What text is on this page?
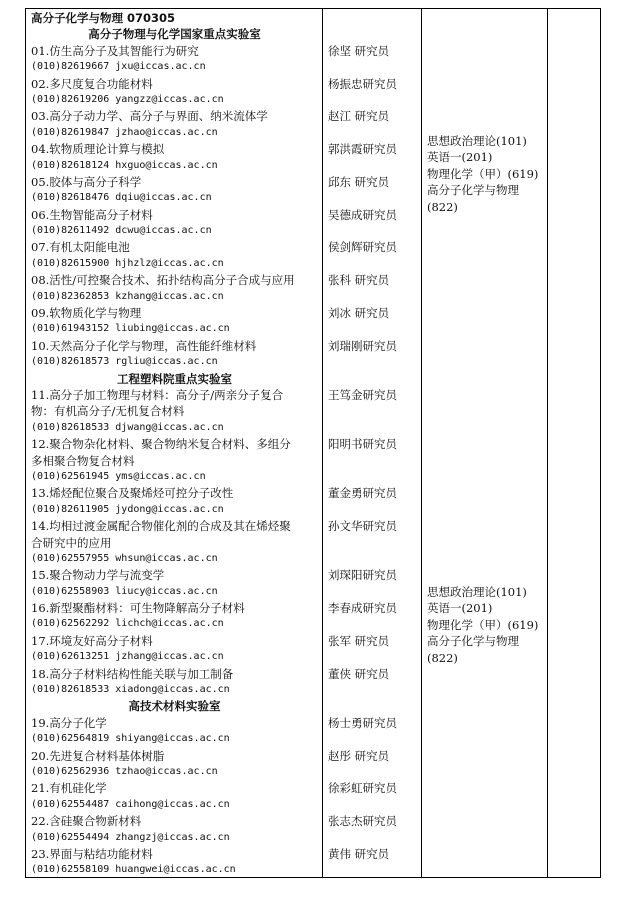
高分子化学与物理 070305
高分子物理与化学国家重点实验室
01.仿生高分子及其智能行为研究
(010)82619667 jxu@iccas.ac.cn
徐坚 研究员
02.多尺度复合功能材料
(010)82619206 yangzz@iccas.ac.cn
杨振忠研究员
03.高分子动力学、高分子与界面、纳米流体学
(010)82619847 jzhao@iccas.ac.cn
赵江 研究员
04.软物质理论计算与模拟
(010)82618124 hxguo@iccas.ac.cn
郭洪霞研究员
05.胶体与高分子科学
(010)82618476 dqiu@iccas.ac.cn
邱东 研究员
06.生物智能高分子材料
(010)82611492 dcwu@iccas.ac.cn
吴德成研究员
07.有机太阳能电池
(010)82615900 hjhzlz@iccas.ac.cn
侯剑辉研究员
08.活性/可控聚合技术、拓扑结构高分子合成与应用
(010)82362853 kzhang@iccas.ac.cn
张科 研究员
09.软物质化学与物理
(010)61943152 liubing@iccas.ac.cn
刘冰 研究员
10.天然高分子化学与物理，高性能纤维材料
(010)82618573 rgliu@iccas.ac.cn
刘瑞刚研究员
工程塑料院重点实验室
11.高分子加工物理与材料：高分子/两亲分子复合
物：有机高分子/无机复合材料
(010)82618533 djwang@iccas.ac.cn
王笃金研究员
12.聚合物杂化材料、聚合物纳米复合材料、多组分
多相聚合物复合材料
(010)62561945 yms@iccas.ac.cn
阳明书研究员
13.烯烃配位聚合及聚烯烃可控分子改性
(010)82611905 jydong@iccas.ac.cn
董金勇研究员
14.均相过渡金属配合物催化剂的合成及其在烯烃聚
合研究中的应用
(010)62557955 whsun@iccas.ac.cn
孙文华研究员
15.聚合物动力学与流变学
(010)62558903 liucy@iccas.ac.cn
刘琛阳研究员
16.新型聚酯材料：可生物降解高分子材料
(010)62562292 lichch@iccas.ac.cn
李春成研究员
17.环境友好高分子材料
(010)62613251 jzhang@iccas.ac.cn
张军 研究员
18.高分子材料结构性能关联与加工制备
(010)82618533 xiadong@iccas.ac.cn
董侠 研究员
高技术材料实验室
19.高分子化学
(010)62564819 shiyang@iccas.ac.cn
杨士勇研究员
20.先进复合材料基体树脂
(010)62562936 tzhao@iccas.ac.cn
赵彤 研究员
21.有机硅化学
(010)62554487 caihong@iccas.ac.cn
徐彩虹研究员
22.含硅聚合物新材料
(010)62554494 zhangzj@iccas.ac.cn
张志杰研究员
23.界面与粘结功能材料
(010)62558109 huangwei@iccas.ac.cn
黄伟 研究员
思想政治理论(101)
英语一(201)
物理化学（甲）(619)
高分子化学与物理
(822)
思想政治理论(101)
英语一(201)
物理化学（甲）(619)
高分子化学与物理
(822)
